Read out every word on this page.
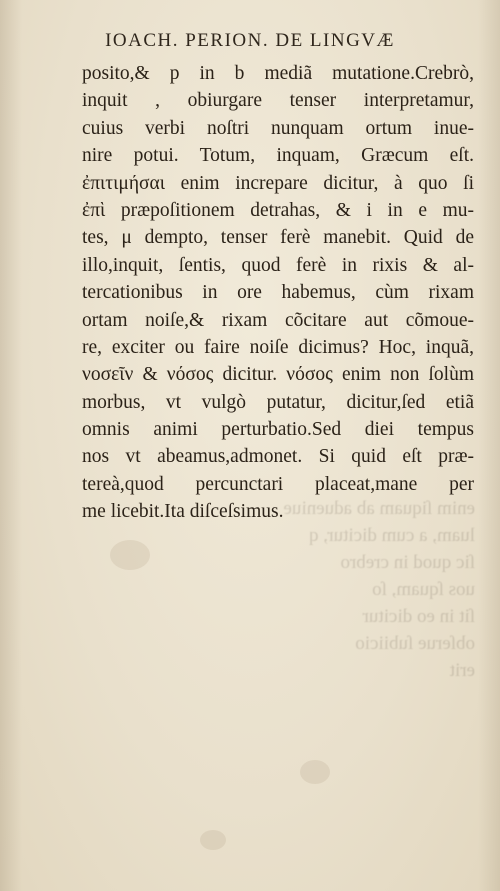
IOACH. PERION. DE LINGVÆ
enim ſiquam ab adueniue
luam, a cum dicitur, q
ſic quod in crebro
uos ſquam, ſo
ſit in eo dicitur
obſerue ſubiicio
erit
posito,& p in b mediã mutatione.Crebrò,
inquit , obiurgare tenser interpretamur,
cuius verbi noſtri nunquam ortum inue-
nire potui. Totum, inquam, Græcum eſt.
ἐπιτιμήσαι enim increpare dicitur, à quo ſi
ἐπὶ præpoſitionem detrahas, & i in e mu-
tes, μ dempto, tenser ferè manebit. Quid de
illo,inquit, ſentis, quod ferè in rixis & al-
tercationibus in ore habemus, cùm rixam
ortam noiſe,& rixam cõcitare aut cõmoue-
re, exciter ou faire noiſe dicimus? Hoc, inquã,
νοσεῖν & νόσος dicitur. νόσος enim non ſolùm
morbus, vt vulgò putatur, dicitur,ſed etiã
omnis animi perturbatio.Sed diei tempus
nos vt abeamus,admonet. Si quid eſt præ-
tereà,quod percunctari placeat,mane per
me licebit.Ita diſceſsimus.
